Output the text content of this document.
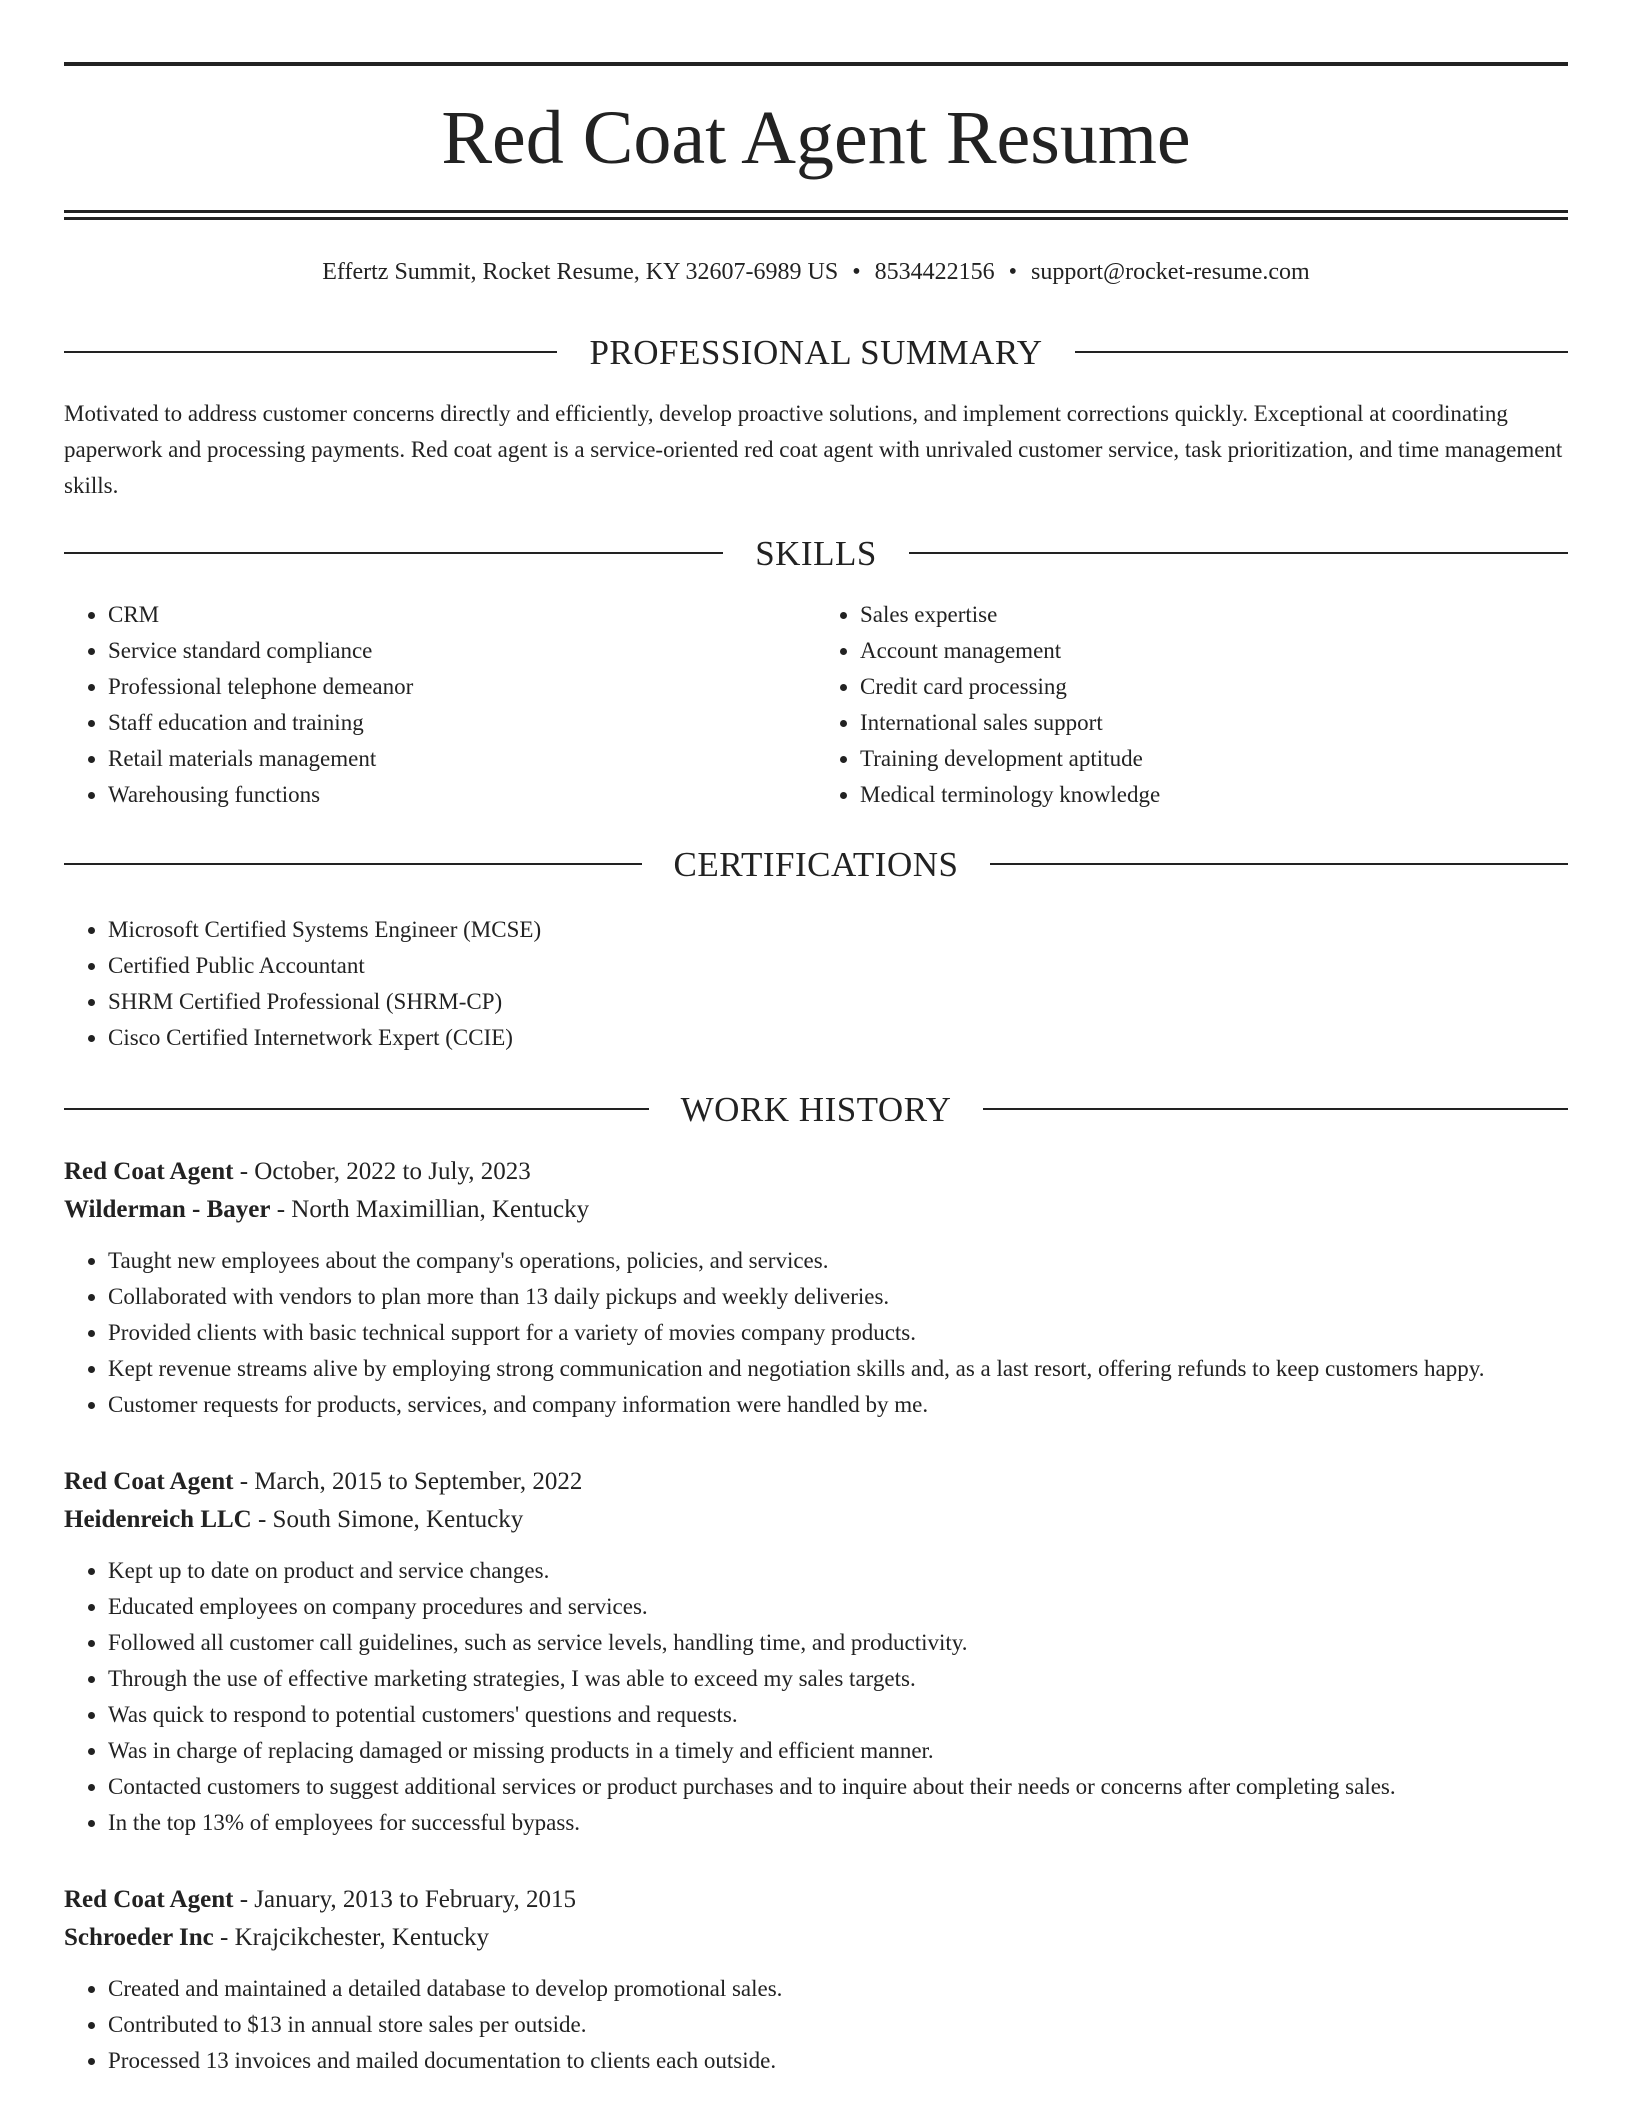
Red Coat Agent Resume
Effertz Summit, Rocket Resume, KY 32607-6989 US • 8534422156 • support@rocket-resume.com
PROFESSIONAL SUMMARY

Motivated to address customer concerns directly and efficiently, develop proactive solutions, and implement corrections quickly. Exceptional at coordinating paperwork and processing payments. Red coat agent is a service-oriented red coat agent with unrivaled customer service, task prioritization, and time management skills.

SKILLS
• CRM
• Service standard compliance
• Professional telephone demeanor
• Staff education and training
• Retail materials management
• Warehousing functions
• Sales expertise
• Account management
• Credit card processing
• International sales support
• Training development aptitude
• Medical terminology knowledge
CERTIFICATIONS
• Microsoft Certified Systems Engineer (MCSE)
• Certified Public Accountant
• SHRM Certified Professional (SHRM-CP)
• Cisco Certified Internetwork Expert (CCIE)
WORK HISTORY
Red Coat Agent - October, 2022 to July, 2023
Wilderman - Bayer - North Maximillian, Kentucky
• Taught new employees about the company's operations, policies, and services.
• Collaborated with vendors to plan more than 13 daily pickups and weekly deliveries.
• Provided clients with basic technical support for a variety of movies company products.
• Kept revenue streams alive by employing strong communication and negotiation skills and, as a last resort, offering refunds to keep customers happy.
• Customer requests for products, services, and company information were handled by me.
Red Coat Agent - March, 2015 to September, 2022
Heidenreich LLC - South Simone, Kentucky
• Kept up to date on product and service changes.
• Educated employees on company procedures and services.
• Followed all customer call guidelines, such as service levels, handling time, and productivity.
• Through the use of effective marketing strategies, I was able to exceed my sales targets.
• Was quick to respond to potential customers' questions and requests.
• Was in charge of replacing damaged or missing products in a timely and efficient manner.
• Contacted customers to suggest additional services or product purchases and to inquire about their needs or concerns after completing sales.
• In the top 13% of employees for successful bypass.
Red Coat Agent - January, 2013 to February, 2015
Schroeder Inc - Krajcikchester, Kentucky
• Created and maintained a detailed database to develop promotional sales.
• Contributed to $13 in annual store sales per outside.
• Processed 13 invoices and mailed documentation to clients each outside.
